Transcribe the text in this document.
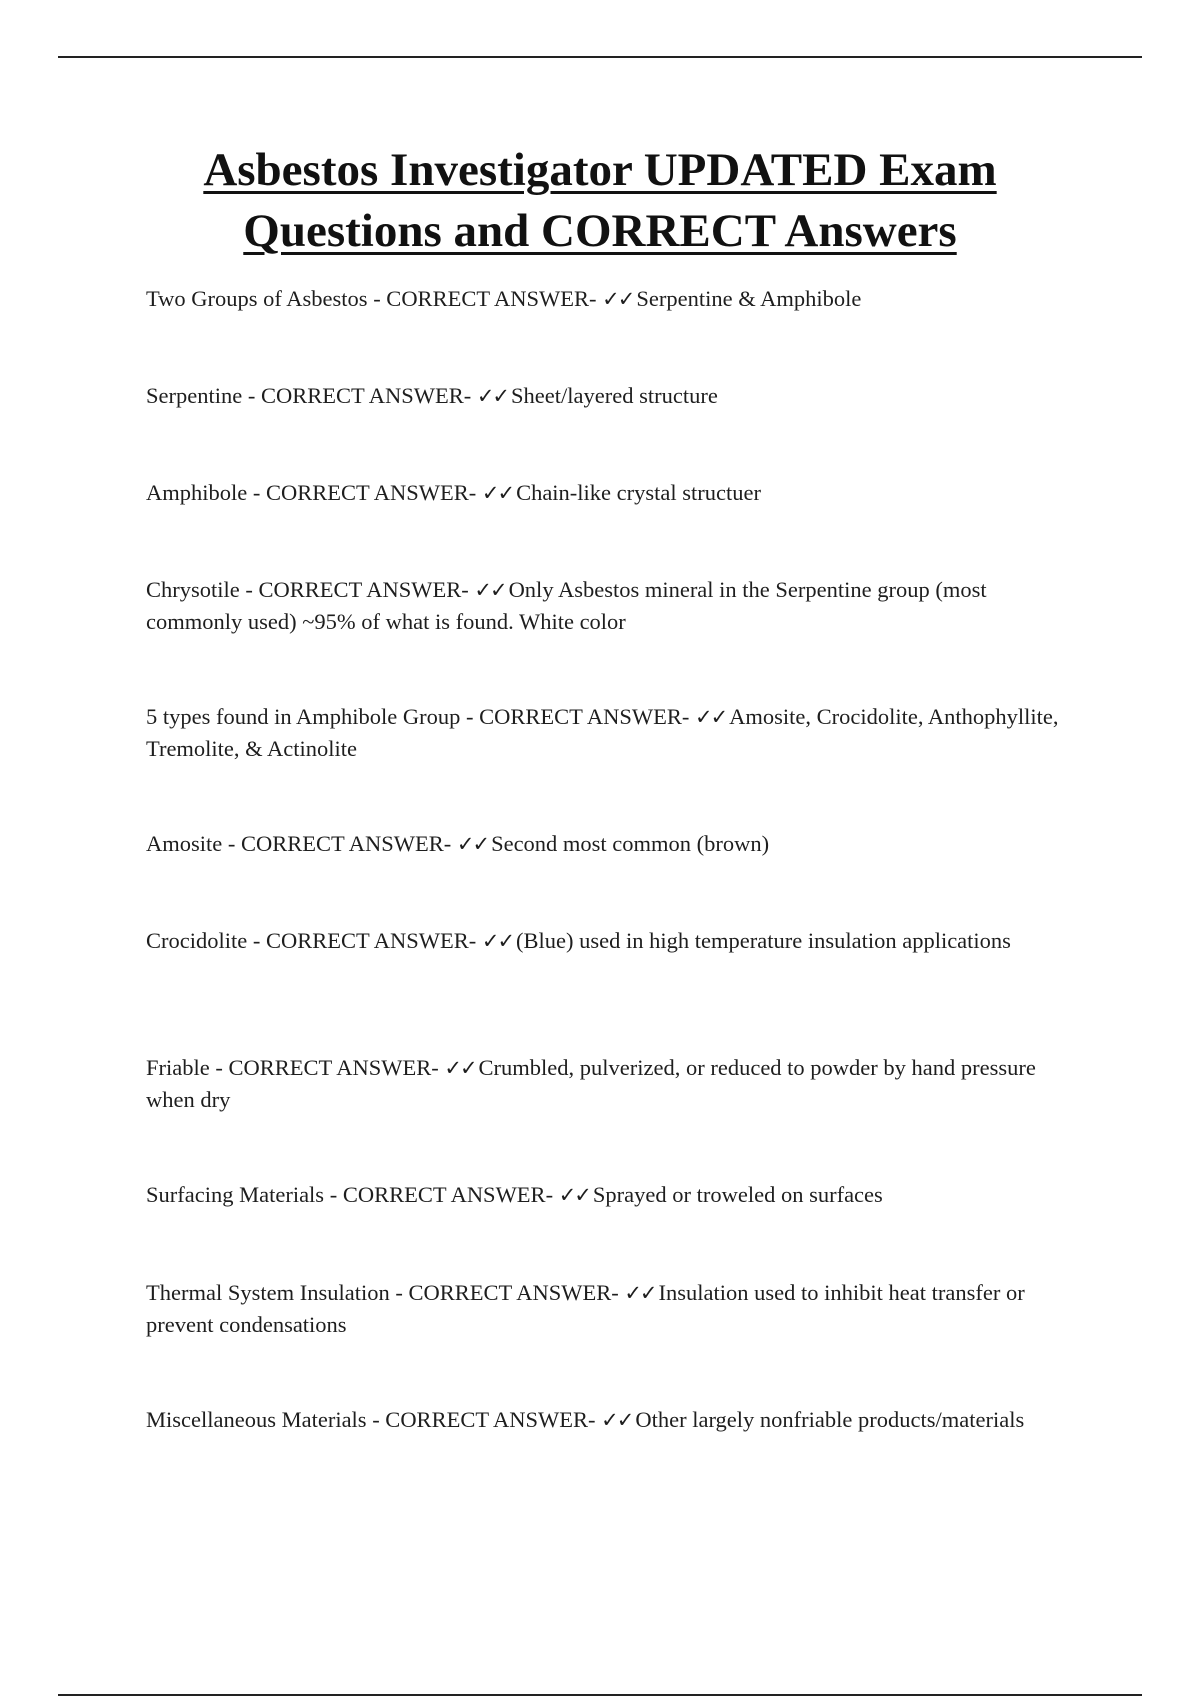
Asbestos Investigator UPDATED Exam
Questions and CORRECT Answers
Two Groups of Asbestos - CORRECT ANSWER- ✓✓ Serpentine & Amphibole
Serpentine - CORRECT ANSWER- ✓✓ Sheet/layered structure
Amphibole - CORRECT ANSWER- ✓✓ Chain-like crystal structuer
Chrysotile - CORRECT ANSWER- ✓✓ Only Asbestos mineral in the Serpentine group (most commonly used) ~95% of what is found. White color
5 types found in Amphibole Group - CORRECT ANSWER- ✓✓ Amosite, Crocidolite, Anthophyllite, Tremolite, & Actinolite
Amosite - CORRECT ANSWER- ✓✓ Second most common (brown)
Crocidolite - CORRECT ANSWER- ✓✓ (Blue) used in high temperature insulation applications
Friable - CORRECT ANSWER- ✓✓ Crumbled, pulverized, or reduced to powder by hand pressure when dry
Surfacing Materials - CORRECT ANSWER- ✓✓ Sprayed or troweled on surfaces
Thermal System Insulation - CORRECT ANSWER- ✓✓ Insulation used to inhibit heat transfer or prevent condensations
Miscellaneous Materials - CORRECT ANSWER- ✓✓ Other largely nonfriable products/materials
